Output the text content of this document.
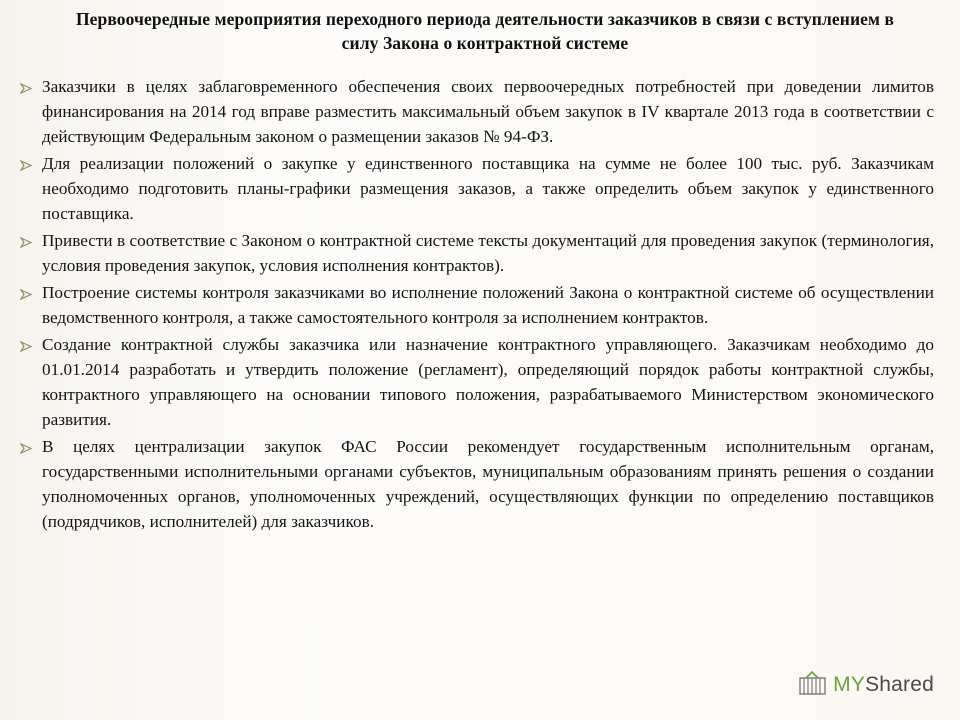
Первоочередные мероприятия переходного периода деятельности заказчиков в связи с вступлением в силу Закона о контрактной системе
Заказчики в целях заблаговременного обеспечения своих первоочередных потребностей при доведении лимитов финансирования на 2014 год вправе разместить максимальный объем закупок в IV квартале 2013 года в соответствии с действующим Федеральным законом о размещении заказов № 94-ФЗ.
Для реализации положений о закупке у единственного поставщика на сумме не более 100 тыс. руб. Заказчикам необходимо подготовить планы-графики размещения заказов, а также определить объем закупок у единственного поставщика.
Привести в соответствие с Законом о контрактной системе тексты документаций для проведения закупок (терминология, условия проведения закупок, условия исполнения контрактов).
Построение системы контроля заказчиками во исполнение положений Закона о контрактной системе об осуществлении ведомственного контроля, а также самостоятельного контроля за исполнением контрактов.
Создание контрактной службы заказчика или назначение контрактного управляющего. Заказчикам необходимо до 01.01.2014 разработать и утвердить положение (регламент), определяющий порядок работы контрактной службы, контрактного управляющего на основании типового положения, разрабатываемого Министерством экономического развития.
В целях централизации закупок ФАС России рекомендует государственным исполнительным органам, государственными исполнительными органами субъектов, муниципальным образованиям принять решения о создании уполномоченных органов, уполномоченных учреждений, осуществляющих функции по определению поставщиков (подрядчиков, исполнителей) для заказчиков.
MYShared
